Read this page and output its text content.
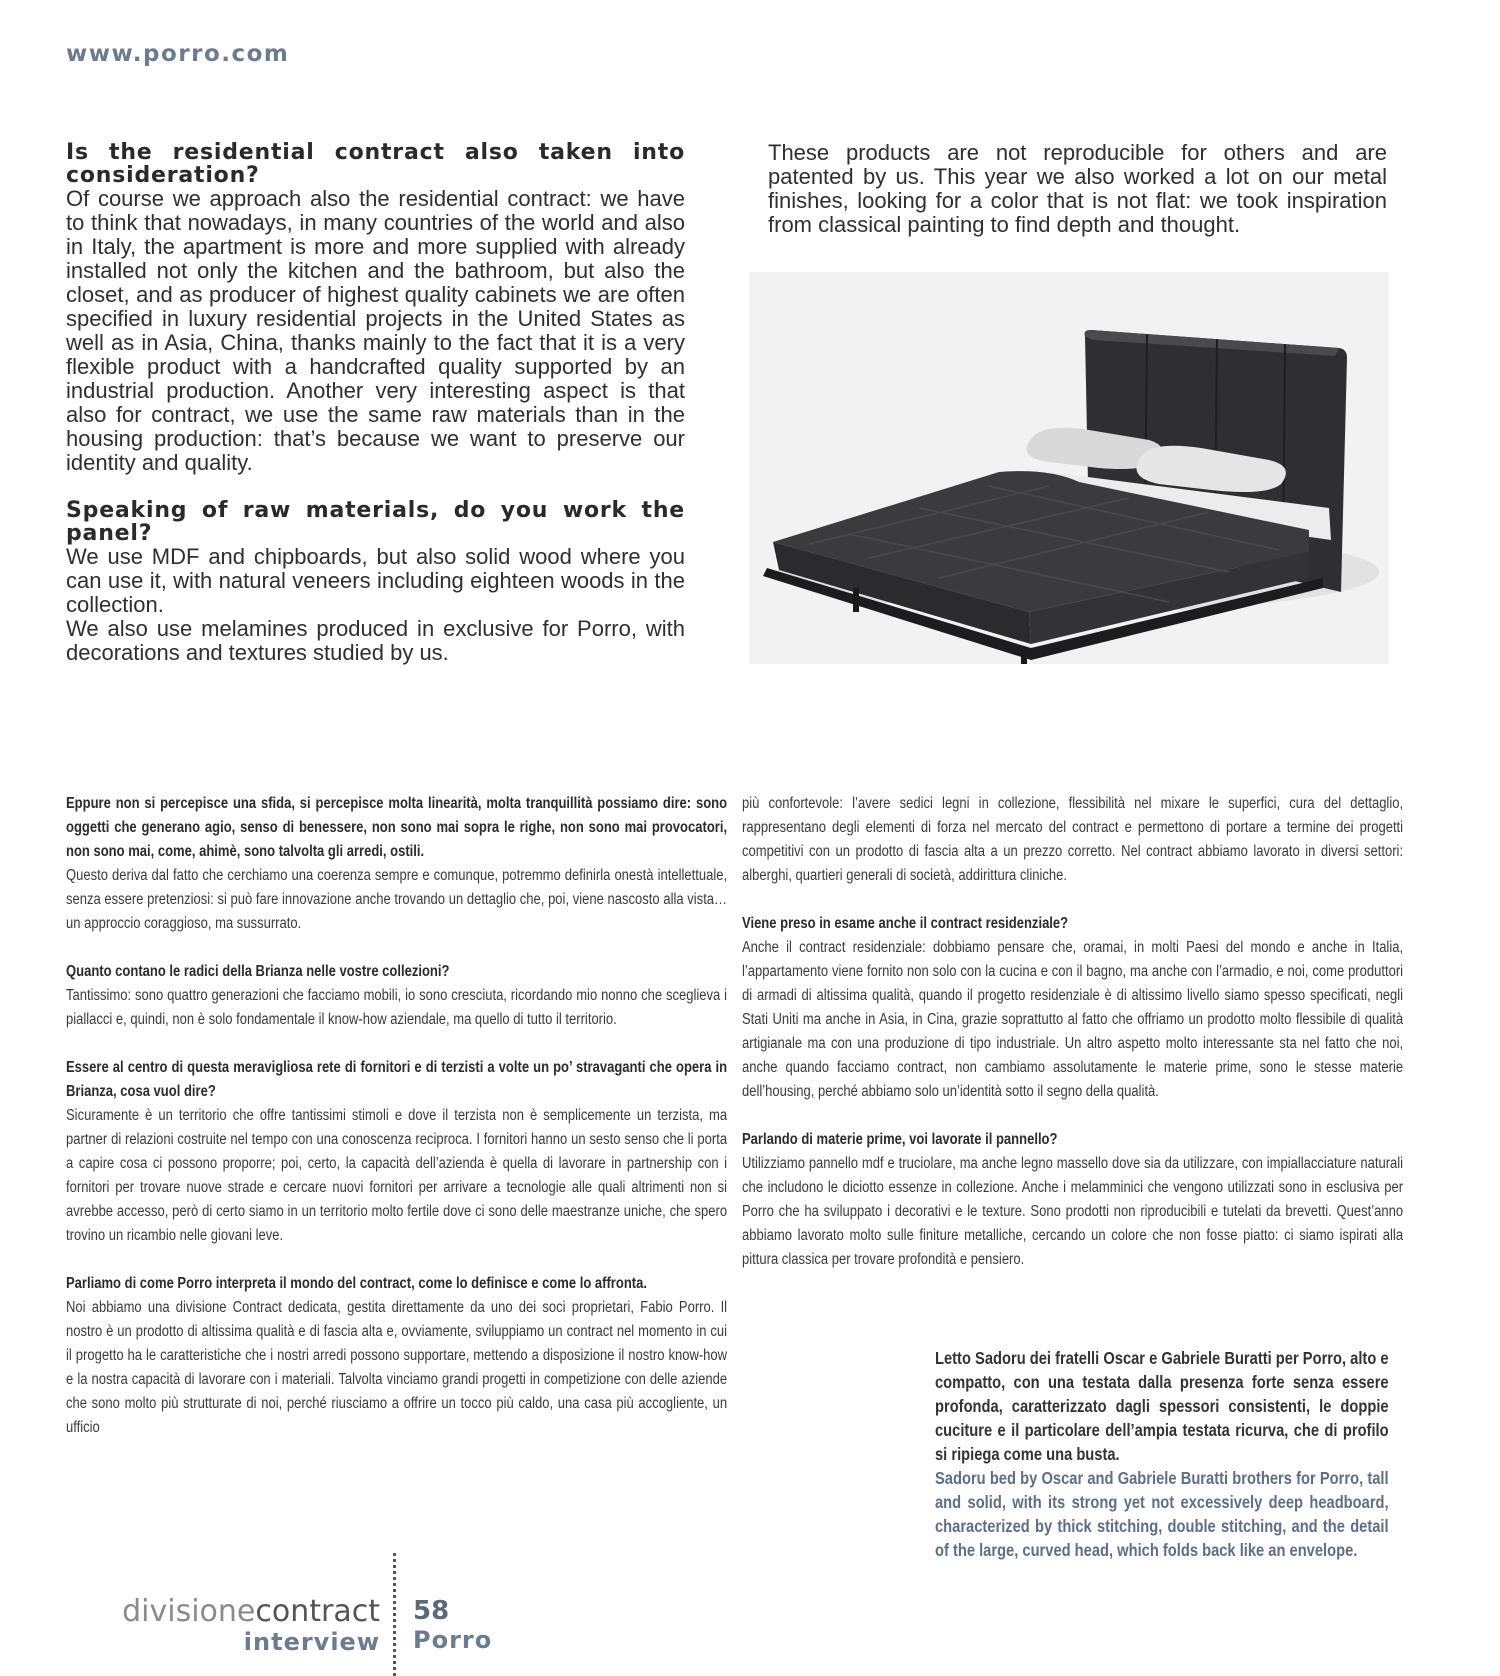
www.porro.com

Is the residential contract also taken into consideration?

Of course we approach also the residential contract: we have to think that nowadays, in many countries of the world and also in Italy, the apartment is more and more supplied with already installed not only the kitchen and the bathroom, but also the closet, and as producer of highest quality cabinets we are often specified in luxury residential projects in the United States as well as in Asia, China, thanks mainly to the fact that it is a very flexible product with a handcrafted quality supported by an industrial production. Another very interesting aspect is that also for contract, we use the same raw materials than in the housing production: that’s because we want to preserve our identity and quality.

Speaking of raw materials, do you work the panel?

We use MDF and chipboards, but also solid wood where you can use it, with natural veneers including eighteen woods in the collection.

We also use melamines produced in exclusive for Porro, with decorations and textures studied by us.

These products are not reproducible for others and are patented by us. This year we also worked a lot on our metal finishes, looking for a color that is not flat: we took inspiration from classical painting to find depth and thought.

Eppure non si percepisce una sfida, si percepisce molta linearità, molta tranquillità possiamo dire: sono oggetti che generano agio, senso di benessere, non sono mai sopra le righe, non sono mai provocatori, non sono mai, come, ahimè, sono talvolta gli arredi, ostili.

Questo deriva dal fatto che cerchiamo una coerenza sempre e comunque, potremmo definirla onestà intellettuale, senza essere pretenziosi: si può fare innovazione anche trovando un dettaglio che, poi, viene nascosto alla vista… un approccio coraggioso, ma sussurrato.

Quanto contano le radici della Brianza nelle vostre collezioni?

Tantissimo: sono quattro generazioni che facciamo mobili, io sono cresciuta, ricordando mio nonno che sceglieva i piallacci e, quindi, non è solo fondamentale il know-how aziendale, ma quello di tutto il territorio.

Essere al centro di questa meravigliosa rete di fornitori e di terzisti a volte un po’ stravaganti che opera in Brianza, cosa vuol dire?

Sicuramente è un territorio che offre tantissimi stimoli e dove il terzista non è semplicemente un terzista, ma partner di relazioni costruite nel tempo con una conoscenza reciproca. I fornitori hanno un sesto senso che li porta a capire cosa ci possono proporre; poi, certo, la capacità dell’azienda è quella di lavorare in partnership con i fornitori per trovare nuove strade e cercare nuovi fornitori per arrivare a tecnologie alle quali altrimenti non si avrebbe accesso, però di certo siamo in un territorio molto fertile dove ci sono delle maestranze uniche, che spero trovino un ricambio nelle giovani leve.

Parliamo di come Porro interpreta il mondo del contract, come lo definisce e come lo affronta.

Noi abbiamo una divisione Contract dedicata, gestita direttamente da uno dei soci proprietari, Fabio Porro. Il nostro è un prodotto di altissima qualità e di fascia alta e, ovviamente, sviluppiamo un contract nel momento in cui il progetto ha le caratteristiche che i nostri arredi possono supportare, mettendo a disposizione il nostro know-how e la nostra capacità di lavorare con i materiali. Talvolta vinciamo grandi progetti in competizione con delle aziende che sono molto più strutturate di noi, perché riusciamo a offrire un tocco più caldo, una casa più accogliente, un ufficio

più confortevole: l’avere sedici legni in collezione, flessibilità nel mixare le superfici, cura del dettaglio, rappresentano degli elementi di forza nel mercato del contract e permettono di portare a termine dei progetti competitivi con un prodotto di fascia alta a un prezzo corretto. Nel contract abbiamo lavorato in diversi settori: alberghi, quartieri generali di società, addirittura cliniche.

Viene preso in esame anche il contract residenziale?

Anche il contract residenziale: dobbiamo pensare che, oramai, in molti Paesi del mondo e anche in Italia, l’appartamento viene fornito non solo con la cucina e con il bagno, ma anche con l’armadio, e noi, come produttori di armadi di altissima qualità, quando il progetto residenziale è di altissimo livello siamo spesso specificati, negli Stati Uniti ma anche in Asia, in Cina, grazie soprattutto al fatto che offriamo un prodotto molto flessibile di qualità artigianale ma con una produzione di tipo industriale. Un altro aspetto molto interessante sta nel fatto che noi, anche quando facciamo contract, non cambiamo assolutamente le materie prime, sono le stesse materie dell’housing, perché abbiamo solo un’identità sotto il segno della qualità.

Parlando di materie prime, voi lavorate il pannello?

Utilizziamo pannello mdf e truciolare, ma anche legno massello dove sia da utilizzare, con impiallacciature naturali che includono le diciotto essenze in collezione. Anche i melamminici che vengono utilizzati sono in esclusiva per Porro che ha sviluppato i decorativi e le texture. Sono prodotti non riproducibili e tutelati da brevetti. Quest’anno abbiamo lavorato molto sulle finiture metalliche, cercando un colore che non fosse piatto: ci siamo ispirati alla pittura classica per trovare profondità e pensiero.

Letto Sadoru dei fratelli Oscar e Gabriele Buratti per Porro, alto e compatto, con una testata dalla presenza forte senza essere profonda, caratterizzato dagli spessori consistenti, le doppie cuciture e il particolare dell’ampia testata ricurva, che di profilo si ripiega come una busta.

Sadoru bed by Oscar and Gabriele Buratti brothers for Porro, tall and solid, with its strong yet not excessively deep headboard, characterized by thick stitching, double stitching, and the detail of the large, curved head, which folds back like an envelope.

divisionecontract
interview
58
Porro
